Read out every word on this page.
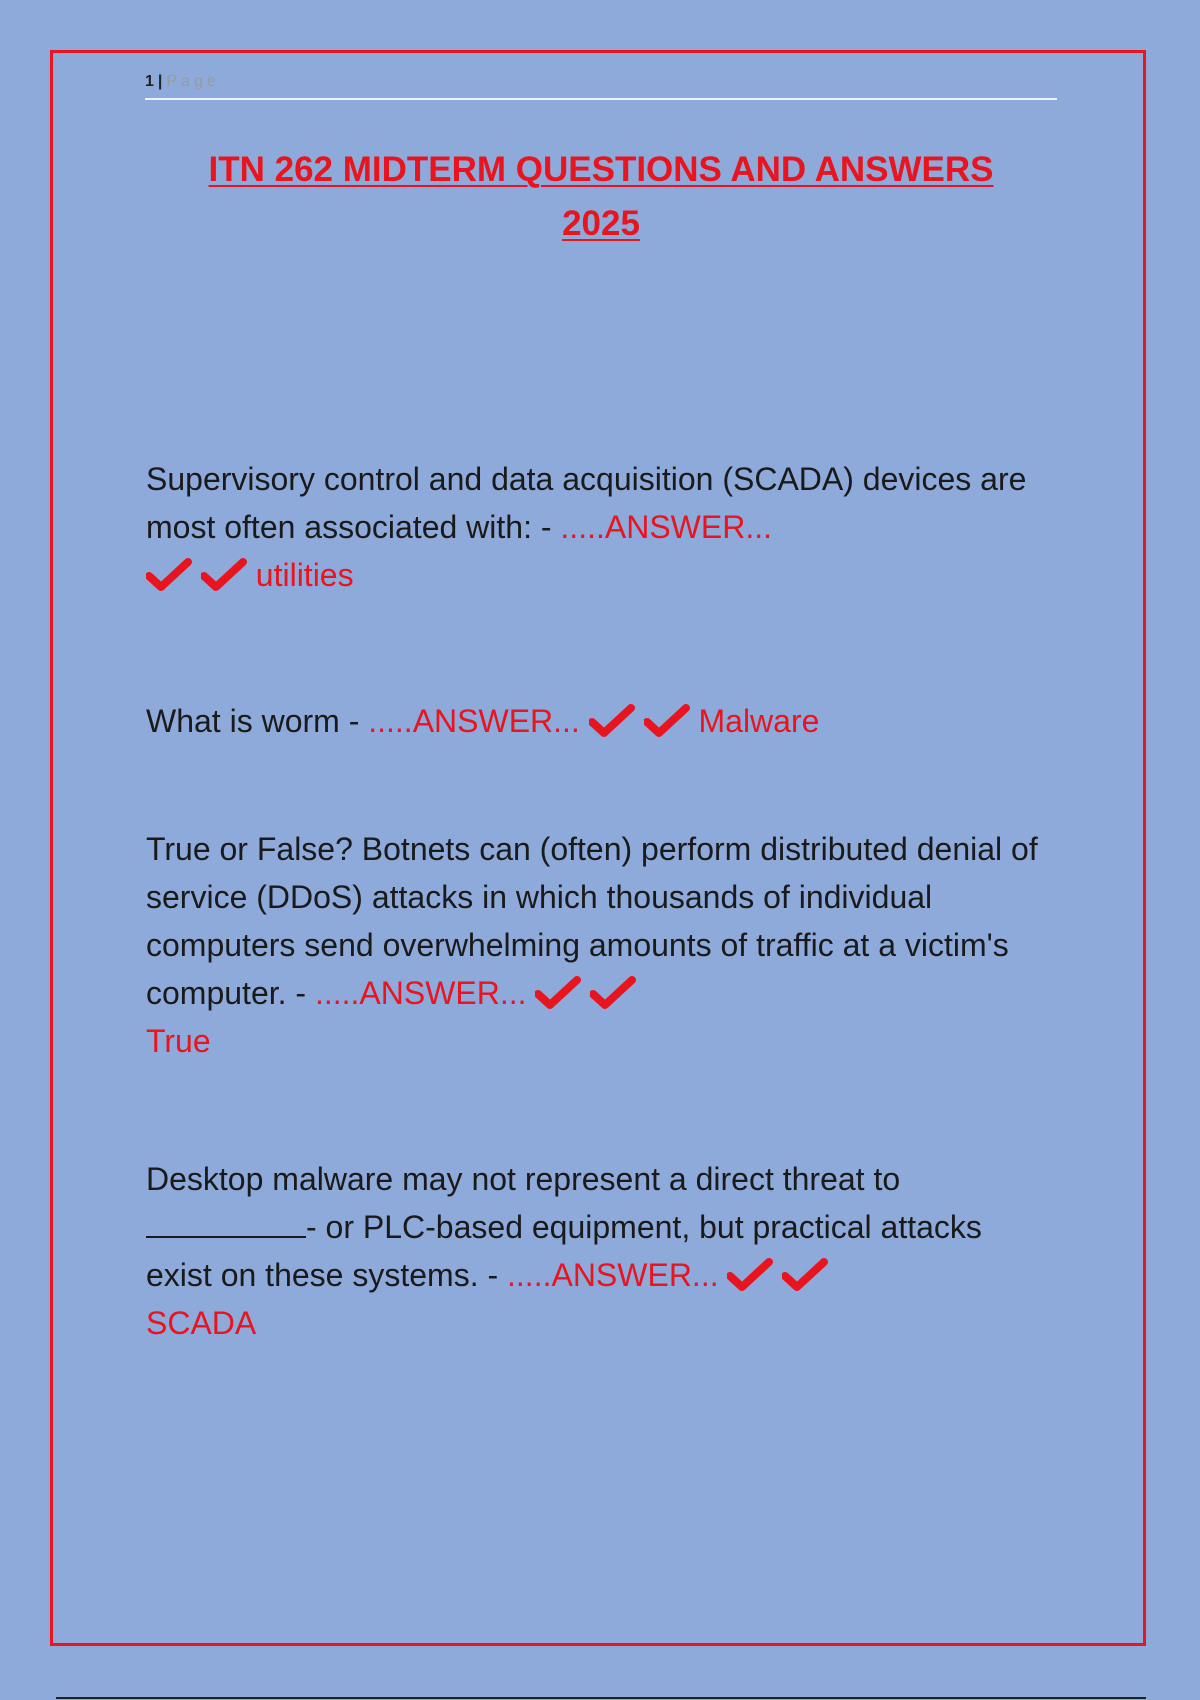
1 | Page
ITN 262 MIDTERM QUESTIONS AND ANSWERS
2025
Supervisory control and data acquisition (SCADA) devices are most often associated with: - .....ANSWER...

utilities
What is worm - .....ANSWER...
	Malware
True or False? Botnets can (often) perform distributed denial of service (DDoS) attacks in which thousands of individual computers send overwhelming amounts of traffic at a victim's computer. - .....ANSWER...

True
Desktop malware may not represent a direct threat to - or PLC-based equipment, but practical attacks exist on these systems. - .....ANSWER...

SCADA
